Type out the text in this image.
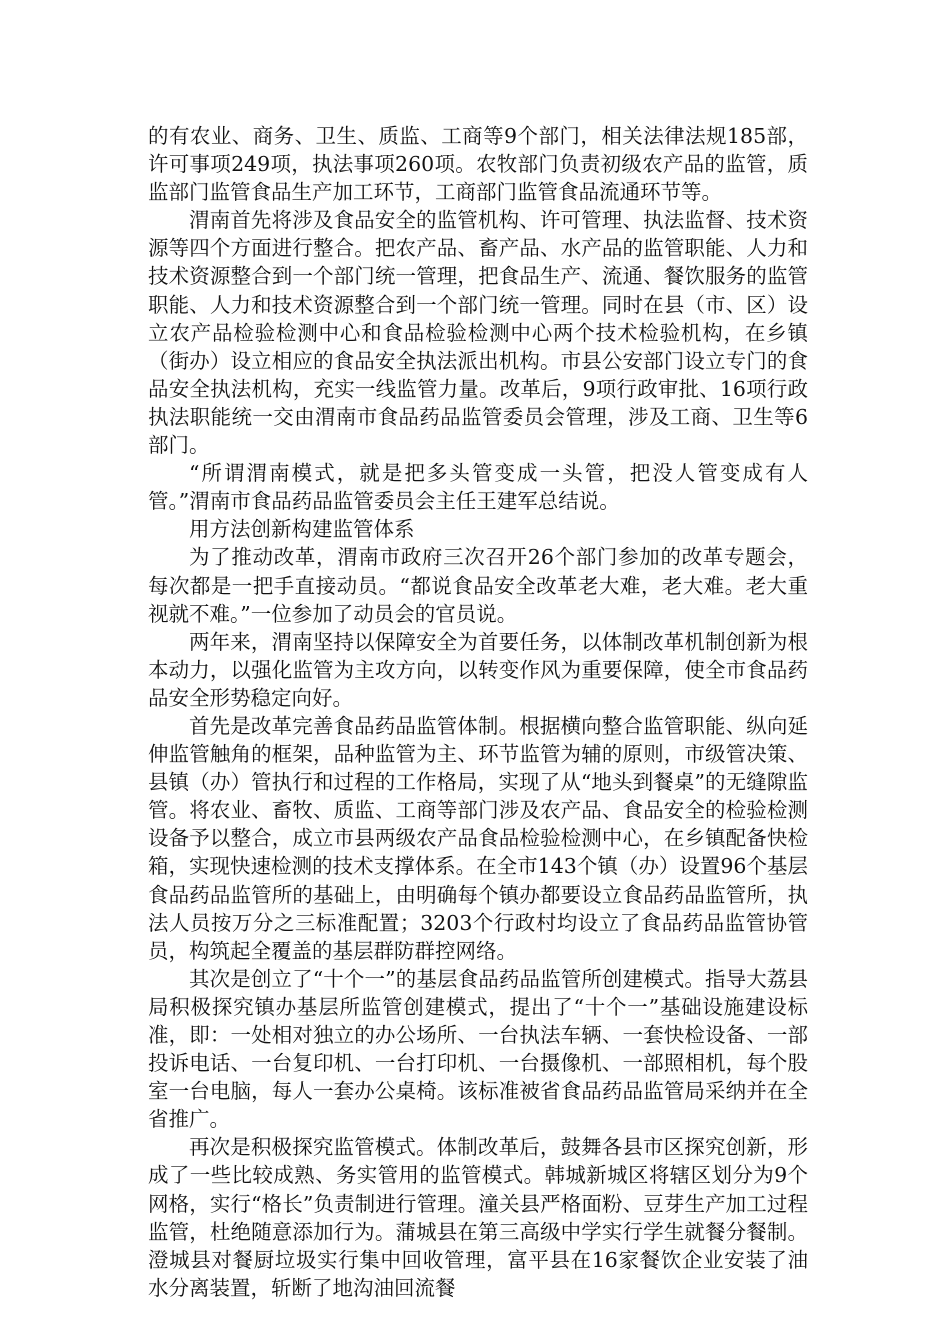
的有农业、商务、卫生、质监、工商等9个部门，相关法律法规185部，许可事项249项，执法事项260项。农牧部门负责初级农产品的监管，质监部门监管食品生产加工环节，工商部门监管食品流通环节等。

渭南首先将涉及食品安全的监管机构、许可管理、执法监督、技术资源等四个方面进行整合。把农产品、畜产品、水产品的监管职能、人力和技术资源整合到一个部门统一管理，把食品生产、流通、餐饮服务的监管职能、人力和技术资源整合到一个部门统一管理。同时在县（市、区）设立农产品检验检测中心和食品检验检测中心两个技术检验机构，在乡镇（街办）设立相应的食品安全执法派出机构。市县公安部门设立专门的食品安全执法机构，充实一线监管力量。改革后，9项行政审批、16项行政执法职能统一交由渭南市食品药品监管委员会管理，涉及工商、卫生等6部门。

“所谓渭南模式，就是把多头管变成一头管，把没人管变成有人管。”渭南市食品药品监管委员会主任王建军总结说。

用方法创新构建监管体系

为了推动改革，渭南市政府三次召开26个部门参加的改革专题会，每次都是一把手直接动员。“都说食品安全改革老大难，老大难。老大重视就不难。”一位参加了动员会的官员说。

两年来，渭南坚持以保障安全为首要任务，以体制改革机制创新为根本动力，以强化监管为主攻方向，以转变作风为重要保障，使全市食品药品安全形势稳定向好。

首先是改革完善食品药品监管体制。根据横向整合监管职能、纵向延伸监管触角的框架，品种监管为主、环节监管为辅的原则，市级管决策、县镇（办）管执行和过程的工作格局，实现了从“地头到餐桌”的无缝隙监管。将农业、畜牧、质监、工商等部门涉及农产品、食品安全的检验检测设备予以整合，成立市县两级农产品食品检验检测中心，在乡镇配备快检箱，实现快速检测的技术支撑体系。在全市143个镇（办）设置96个基层食品药品监管所的基础上，由明确每个镇办都要设立食品药品监管所，执法人员按万分之三标准配置；3203个行政村均设立了食品药品监管协管员，构筑起全覆盖的基层群防群控网络。

其次是创立了“十个一”的基层食品药品监管所创建模式。指导大荔县局积极探究镇办基层所监管创建模式，提出了“十个一”基础设施建设标准，即：一处相对独立的办公场所、一台执法车辆、一套快检设备、一部投诉电话、一台复印机、一台打印机、一台摄像机、一部照相机，每个股室一台电脑，每人一套办公桌椅。该标准被省食品药品监管局采纳并在全省推广。

再次是积极探究监管模式。体制改革后，鼓舞各县市区探究创新，形成了一些比较成熟、务实管用的监管模式。韩城新城区将辖区划分为9个网格，实行“格长”负责制进行管理。潼关县严格面粉、豆芽生产加工过程监管，杜绝随意添加行为。蒲城县在第三高级中学实行学生就餐分餐制。澄城县对餐厨垃圾实行集中回收管理，富平县在16家餐饮企业安装了油水分离装置，斩断了地沟油回流餐
